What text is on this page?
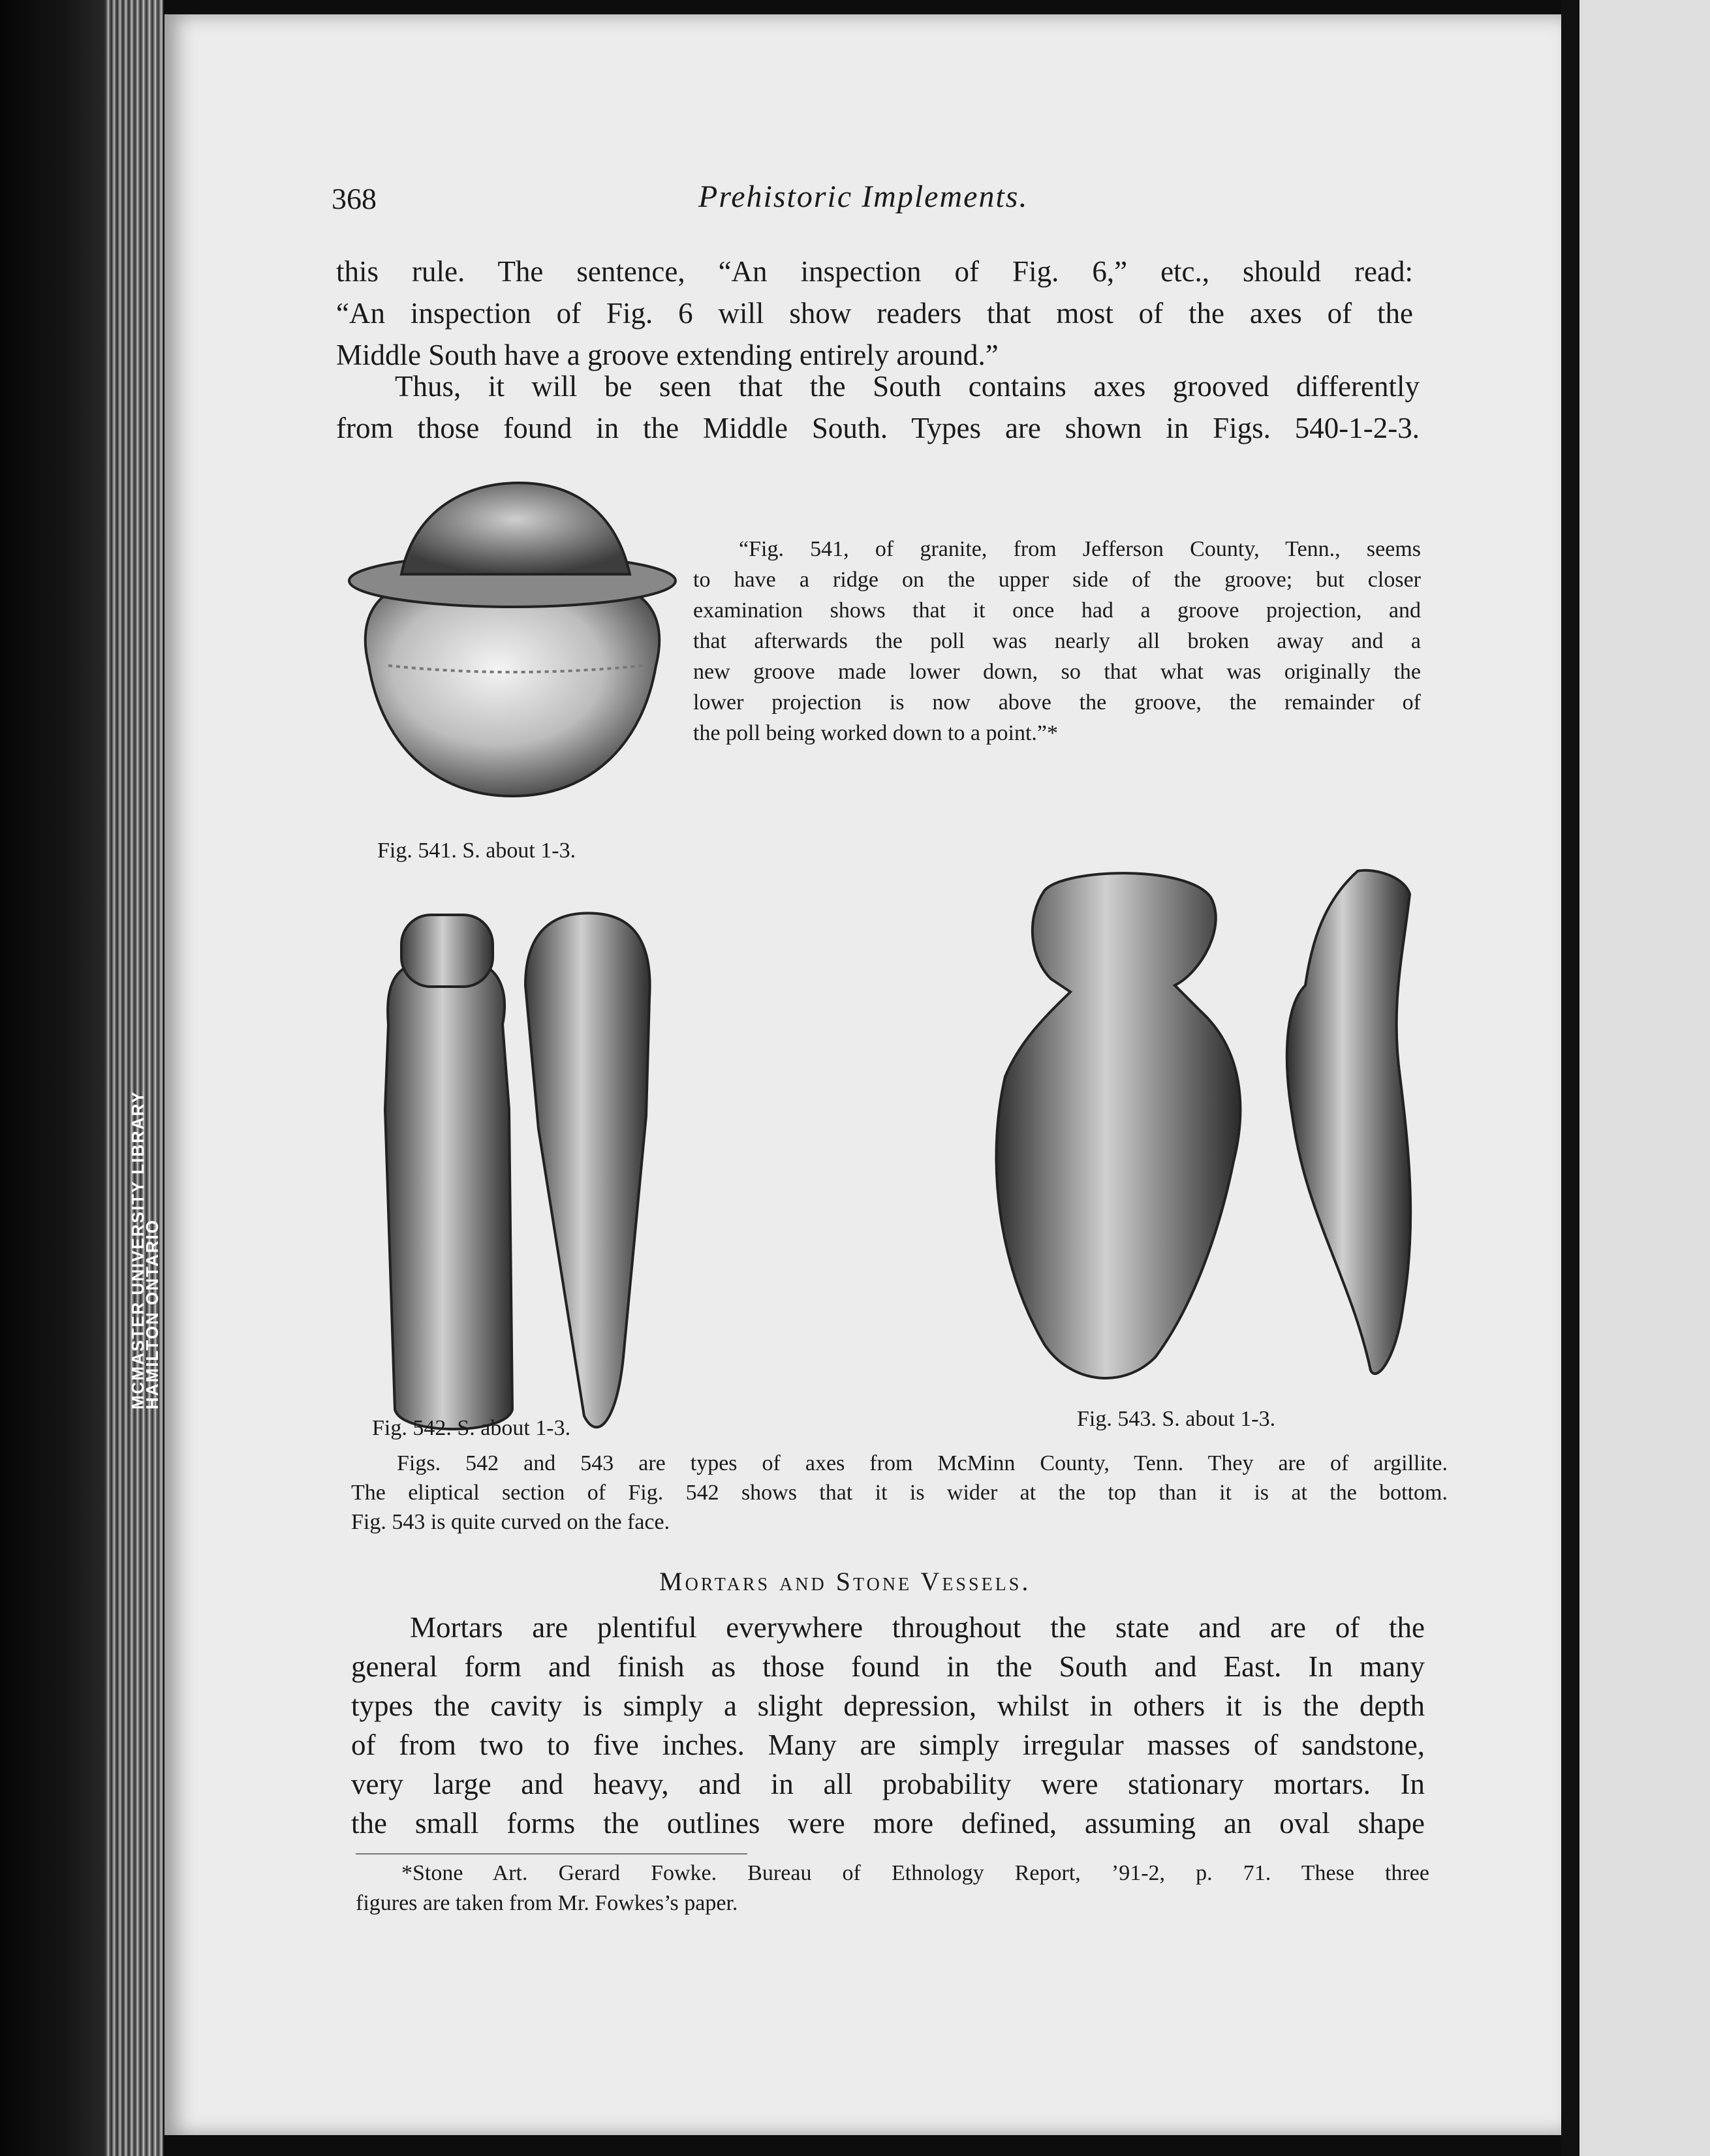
MCMASTER UNIVERSITY LIBRARY
HAMILTON ONTARIO
368	Prehistoric Implements.

this rule. The sentence, “An inspection of Fig. 6,” etc., should read:
“An inspection of Fig. 6 will show readers that most of the axes of the
Middle South have a groove extending entirely around.”

Thus, it will be seen that the South contains axes grooved differently
from those found in the Middle South. Types are shown in Figs. 540-1-2-3.

Fig. 541. S. about 1-3.

“Fig. 541, of granite, from Jefferson County, Tenn., seems
to have a ridge on the upper side of the groove; but closer
examination shows that it once had a groove projection, and
that afterwards the poll was nearly all broken away and a
new groove made lower down, so that what was originally the
lower projection is now above the groove, the remainder of
the poll being worked down to a point.”*

Fig. 542. S. about 1-3.	Fig. 543. S. about 1-3.

Figs. 542 and 543 are types of axes from McMinn County, Tenn. They are of argillite.
The eliptical section of Fig. 542 shows that it is wider at the top than it is at the bottom.
Fig. 543 is quite curved on the face.

Mortars and Stone Vessels.

Mortars are plentiful everywhere throughout the state and are of the
general form and finish as those found in the South and East. In many
types the cavity is simply a slight depression, whilst in others it is the depth
of from two to five inches. Many are simply irregular masses of sandstone,
very large and heavy, and in all probability were stationary mortars. In
the small forms the outlines were more defined, assuming an oval shape

*Stone Art. Gerard Fowke. Bureau of Ethnology Report, ’91-2, p. 71. These three
figures are taken from Mr. Fowkes’s paper.
